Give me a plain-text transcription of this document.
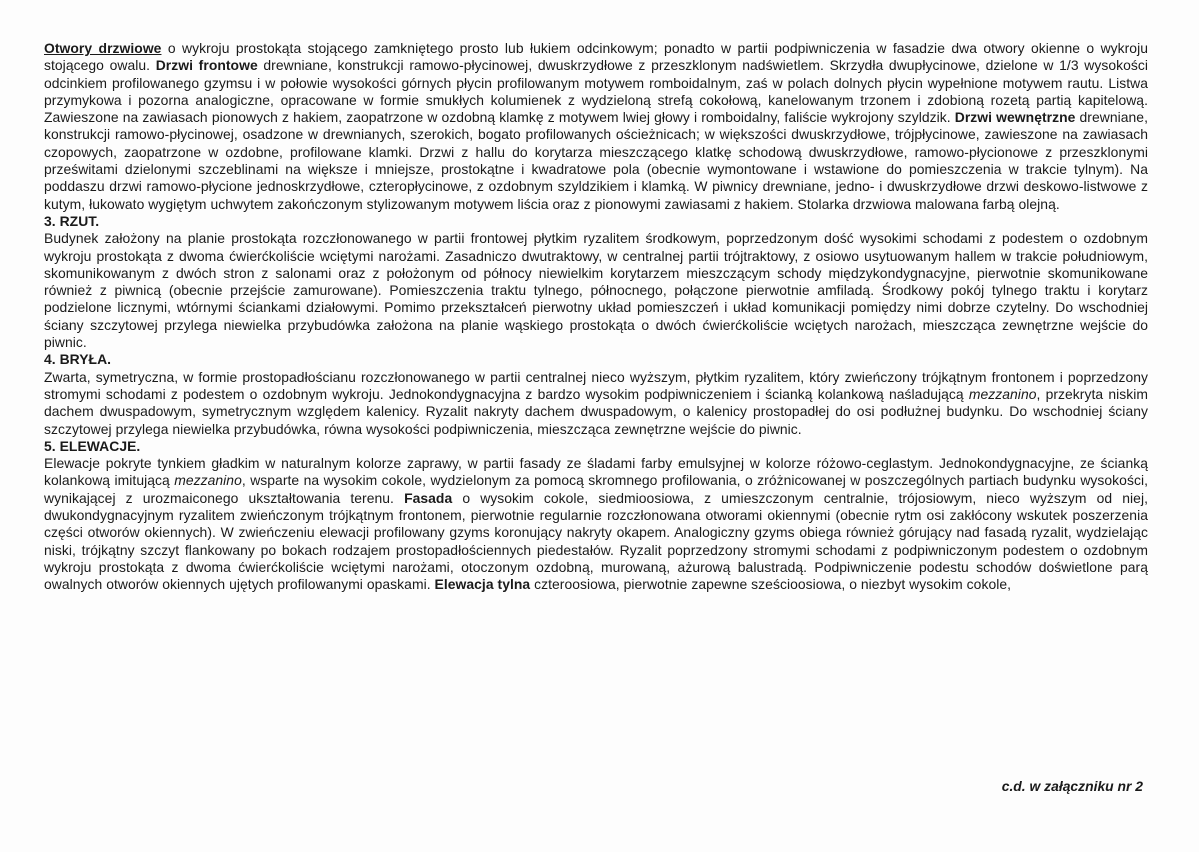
Otwory drzwiowe o wykroju prostokąta stojącego zamkniętego prosto lub łukiem odcinkowym; ponadto w partii podpiwniczenia w fasadzie dwa otwory okienne o wykroju stojącego owalu. Drzwi frontowe drewniane, konstrukcji ramowo-płycinowej, dwuskrzydłowe z przeszklonym nadświetlem. Skrzydła dwupłycinowe, dzielone w 1/3 wysokości odcinkiem profilowanego gzymsu i w połowie wysokości górnych płycin profilowanym motywem romboidalnym, zaś w polach dolnych płycin wypełnione motywem rautu. Listwa przymykowa i pozorna analogiczne, opracowane w formie smukłych kolumienek z wydzieloną strefą cokołową, kanelowanym trzonem i zdobioną rozetą partią kapitelową. Zawieszone na zawiasach pionowych z hakiem, zaopatrzone w ozdobną klamkę z motywem lwiej głowy i romboidalny, faliście wykrojony szyldzik. Drzwi wewnętrzne drewniane, konstrukcji ramowo-płycinowej, osadzone w drewnianych, szerokich, bogato profilowanych ościeżnicach; w większości dwuskrzydłowe, trójpłycinowe, zawieszone na zawiasach czopowych, zaopatrzone w ozdobne, profilowane klamki. Drzwi z hallu do korytarza mieszczącego klatkę schodową dwuskrzydłowe, ramowo-płycionowe z przeszklonymi prześwitami dzielonymi szczeblinami na większe i mniejsze, prostokątne i kwadratowe pola (obecnie wymontowane i wstawione do pomieszczenia w trakcie tylnym). Na poddaszu drzwi ramowo-płycione jednoskrzydłowe, czteropłycinowe, z ozdobnym szyldzikiem i klamką. W piwnicy drewniane, jedno- i dwuskrzydłowe drzwi deskowo-listwowe z kutym, łukowato wygiętym uchwytem zakończonym stylizowanym motywem liścia oraz z pionowymi zawiasami z hakiem. Stolarka drzwiowa malowana farbą olejną.

3. RZUT.

Budynek założony na planie prostokąta rozczłonowanego w partii frontowej płytkim ryzalitem środkowym, poprzedzonym dość wysokimi schodami z podestem o ozdobnym wykroju prostokąta z dwoma ćwierćkoliście wciętymi narożami. Zasadniczo dwutraktowy, w centralnej partii trójtraktowy, z osiowo usytuowanym hallem w trakcie południowym, skomunikowanym z dwóch stron z salonami oraz z położonym od północy niewielkim korytarzem mieszczącym schody międzykondygnacyjne, pierwotnie skomunikowane również z piwnicą (obecnie przejście zamurowane). Pomieszczenia traktu tylnego, północnego, połączone pierwotnie amfiladą. Środkowy pokój tylnego traktu i korytarz podzielone licznymi, wtórnymi ściankami działowymi. Pomimo przekształceń pierwotny układ pomieszczeń i układ komunikacji pomiędzy nimi dobrze czytelny. Do wschodniej ściany szczytowej przylega niewielka przybudówka założona na planie wąskiego prostokąta o dwóch ćwierćkoliście wciętych narożach, mieszcząca zewnętrzne wejście do piwnic.

4. BRYŁA.

Zwarta, symetryczna, w formie prostopadłościanu rozczłonowanego w partii centralnej nieco wyższym, płytkim ryzalitem, który zwieńczony trójkątnym frontonem i poprzedzony stromymi schodami z podestem o ozdobnym wykroju. Jednokondygnacyjna z bardzo wysokim podpiwniczeniem i ścianką kolankową naśladującą mezzanino, przekryta niskim dachem dwuspadowym, symetrycznym względem kalenicy. Ryzalit nakryty dachem dwuspadowym, o kalenicy prostopadłej do osi podłużnej budynku. Do wschodniej ściany szczytowej przylega niewielka przybudówka, równa wysokości podpiwniczenia, mieszcząca zewnętrzne wejście do piwnic.

5. ELEWACJE.

Elewacje pokryte tynkiem gładkim w naturalnym kolorze zaprawy, w partii fasady ze śladami farby emulsyjnej w kolorze różowo-ceglastym. Jednokondygnacyjne, ze ścianką kolankową imitującą mezzanino, wsparte na wysokim cokole, wydzielonym za pomocą skromnego profilowania, o zróżnicowanej w poszczególnych partiach budynku wysokości, wynikającej z urozmaiconego ukształtowania terenu. Fasada o wysokim cokole, siedmioosiowa, z umieszczonym centralnie, trójosiowym, nieco wyższym od niej, dwukondygnacyjnym ryzalitem zwieńczonym trójkątnym frontonem, pierwotnie regularnie rozczłonowana otworami okiennymi (obecnie rytm osi zakłócony wskutek poszerzenia części otworów okiennych). W zwieńczeniu elewacji profilowany gzyms koronujący nakryty okapem. Analogiczny gzyms obiega również górujący nad fasadą ryzalit, wydzielając niski, trójkątny szczyt flankowany po bokach rodzajem prostopadłościennych piedestałów. Ryzalit poprzedzony stromymi schodami z podpiwniczonym podestem o ozdobnym wykroju prostokąta z dwoma ćwierćkoliście wciętymi narożami, otoczonym ozdobną, murowaną, ażurową balustradą. Podpiwniczenie podestu schodów doświetlone parą owalnych otworów okiennych ujętych profilowanymi opaskami. Elewacja tylna czteroosiowa, pierwotnie zapewne sześcioosiowa, o niezbyt wysokim cokole,

c.d. w załączniku nr 2
